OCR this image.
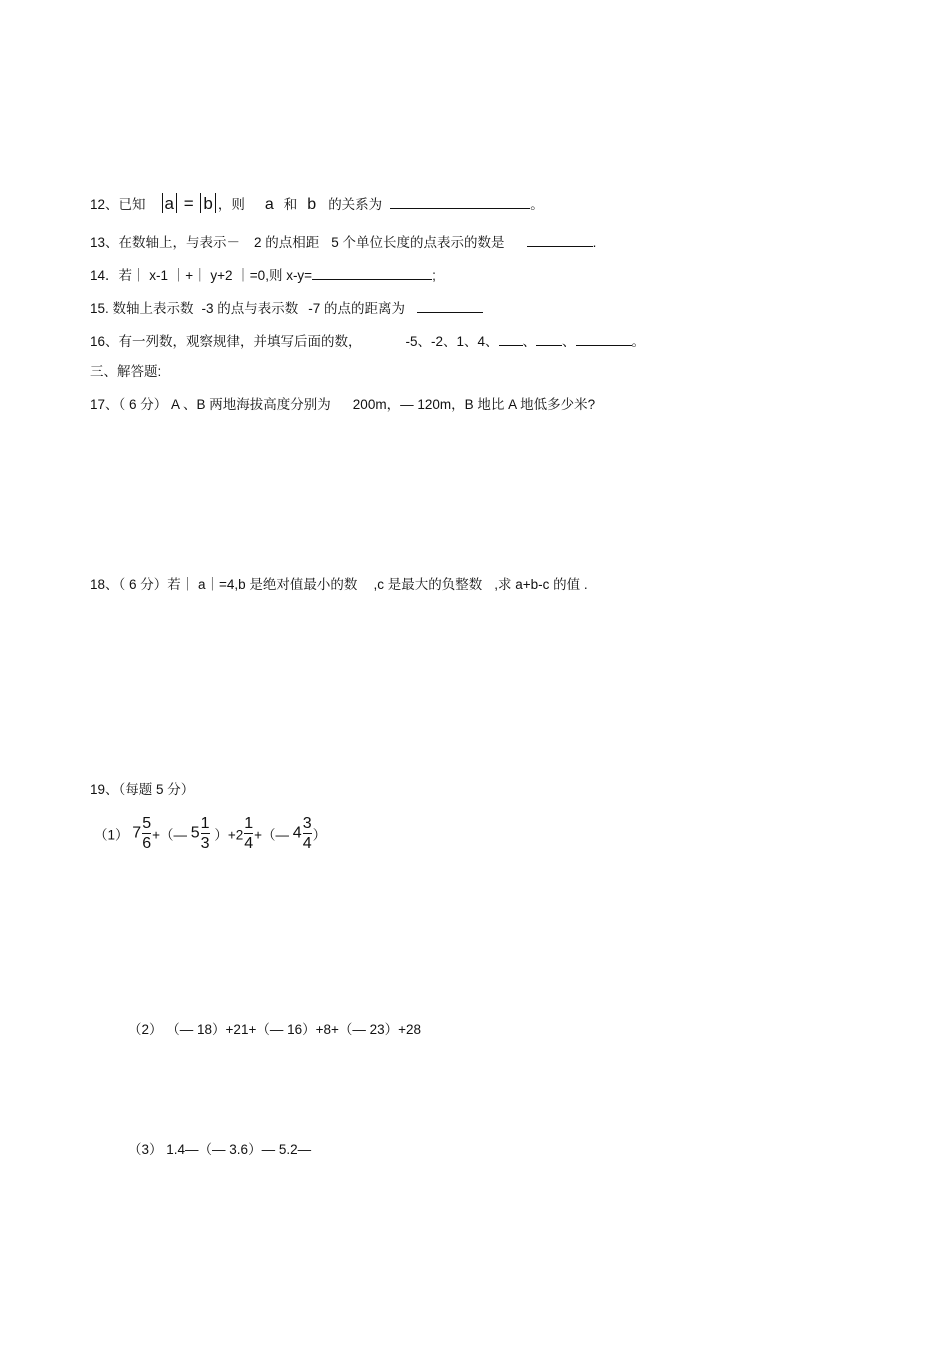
12、已知 a = b ，则 a 和 b 的关系为	。
13、在数轴上，与表示－ 2 的点相距 5 个单位长度的点表示的数是	.
14．若｜ x-1 ｜+｜ y+2 ｜=0,则 x-y=	;
15. 数轴上表示数 -3 的点与表示数 -7 的点的距离为
16、有一列数，观察规律，并填写后面的数，	-5、-2、1、4、 、 、	。
三、解答题:
17、（ 6 分） A 、B 两地海拔高度分别为 200m，— 120m，B 地比 A 地低多少米?
18、（ 6 分）若｜ a｜=4,b 是绝对值最小的数 ,c 是最大的负整数 ,求 a+b-c 的值 .
19、（每题 5 分）
（1） $7 \frac{5}{6}$ +（— $5 \frac{1}{3} )+2 \frac{1}{4}$ +（— $4 \frac{3}{4}$ ）
（2） （— 18）+21+（— 16）+8+（— 23）+28
（3） 1.4—（— 3.6）— 5.2—
